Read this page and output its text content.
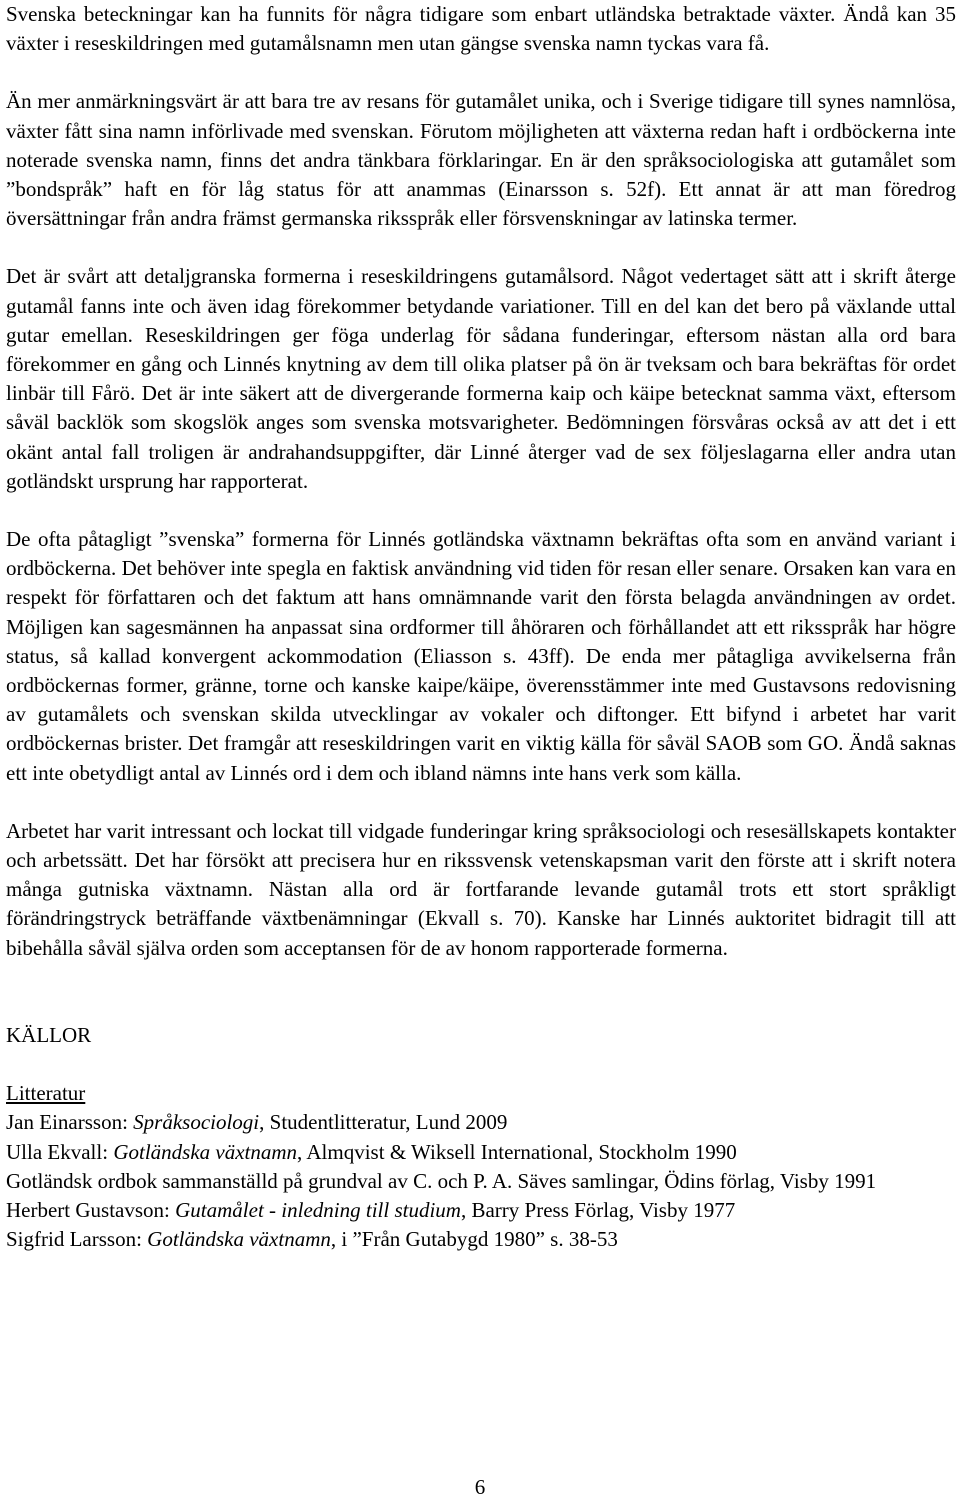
Svenska beteckningar kan ha funnits för några tidigare som enbart utländska betraktade växter. Ändå kan 35 växter i reseskildringen med gutamålsnamn men utan gängse svenska namn tyckas vara få.

Än mer anmärkningsvärt är att bara tre av resans för gutamålet unika, och i Sverige tidigare till synes namnlösa, växter fått sina namn införlivade med svenskan. Förutom möjligheten att växterna redan haft i ordböckerna inte noterade svenska namn, finns det andra tänkbara förklaringar. En är den språksociologiska att gutamålet som ”bondspråk” haft en för låg status för att anammas (Einarsson s. 52f). Ett annat är att man föredrog översättningar från andra främst germanska riksspråk eller försvenskningar av latinska termer.

Det är svårt att detaljgranska formerna i reseskildringens gutamålsord. Något vedertaget sätt att i skrift återge gutamål fanns inte och även idag förekommer betydande variationer. Till en del kan det bero på växlande uttal gutar emellan. Reseskildringen ger föga underlag för sådana funderingar, eftersom nästan alla ord bara förekommer en gång och Linnés knytning av dem till olika platser på ön är tveksam och bara bekräftas för ordet linbär till Fårö. Det är inte säkert att de divergerande formerna kaip och käipe betecknat samma växt, eftersom såväl backlök som skogslök anges som svenska motsvarigheter. Bedömningen försvåras också av att det i ett okänt antal fall troligen är andrahandsuppgifter, där Linné återger vad de sex följeslagarna eller andra utan gotländskt ursprung har rapporterat.

De ofta påtagligt ”svenska” formerna för Linnés gotländska växtnamn bekräftas ofta som en använd variant i ordböckerna. Det behöver inte spegla en faktisk användning vid tiden för resan eller senare. Orsaken kan vara en respekt för författaren och det faktum att hans omnämnande varit den första belagda användningen av ordet. Möjligen kan sagesmännen ha anpassat sina ordformer till åhöraren och förhållandet att ett riksspråk har högre status, så kallad konvergent ackommodation (Eliasson s. 43ff). De enda mer påtagliga avvikelserna från ordböckernas former, gränne, torne och kanske kaipe/käipe, överensstämmer inte med Gustavsons redovisning av gutamålets och svenskan skilda utvecklingar av vokaler och diftonger. Ett bifynd i arbetet har varit ordböckernas brister. Det framgår att reseskildringen varit en viktig källa för såväl SAOB som GO. Ändå saknas ett inte obetydligt antal av Linnés ord i dem och ibland nämns inte hans verk som källa.

Arbetet har varit intressant och lockat till vidgade funderingar kring språksociologi och resesällskapets kontakter och arbetssätt. Det har försökt att precisera hur en rikssvensk vetenskapsman varit den förste att i skrift notera många gutniska växtnamn. Nästan alla ord är fortfarande levande gutamål trots ett stort språkligt förändringstryck beträffande växtbenämningar (Ekvall s. 70). Kanske har Linnés auktoritet bidragit till att bibehålla såväl själva orden som acceptansen för de av honom rapporterade formerna.

KÄLLOR

Litteratur

Jan Einarsson: Språksociologi, Studentlitteratur, Lund 2009

Ulla Ekvall: Gotländska växtnamn, Almqvist & Wiksell International, Stockholm 1990

Gotländsk ordbok sammanställd på grundval av C. och P. A. Säves samlingar, Ödins förlag, Visby 1991

Herbert Gustavson: Gutamålet - inledning till studium, Barry Press Förlag, Visby 1977

Sigfrid Larsson: Gotländska växtnamn, i ”Från Gutabygd 1980” s. 38-53

6
